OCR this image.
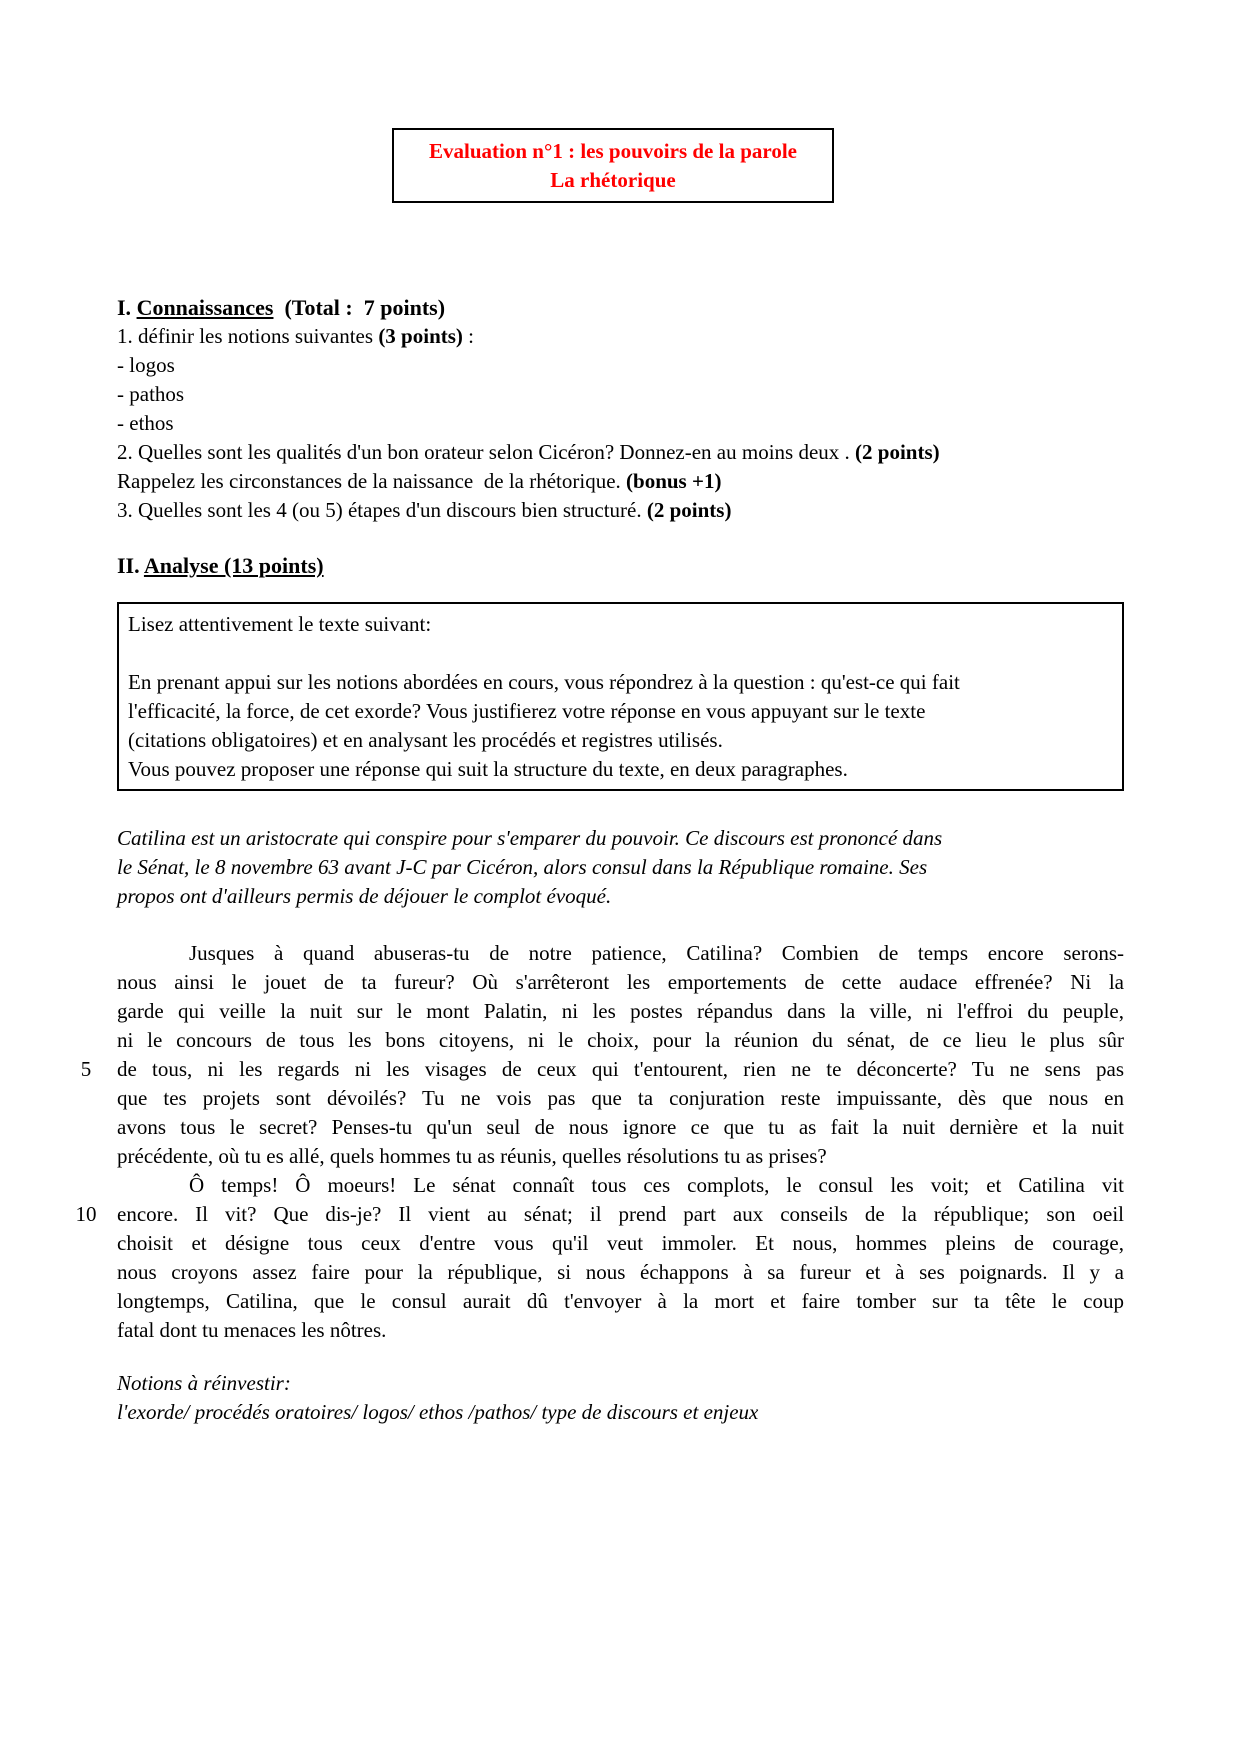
Evaluation n°1 : les pouvoirs de la parole
La rhétorique
I. Connaissances  (Total :  7 points)
1. définir les notions suivantes (3 points) :
- logos
- pathos
- ethos
2. Quelles sont les qualités d'un bon orateur selon Cicéron? Donnez-en au moins deux . (2 points)
Rappelez les circonstances de la naissance  de la rhétorique. (bonus +1)
3. Quelles sont les 4 (ou 5) étapes d'un discours bien structuré. (2 points)
II. Analyse (13 points)
Lisez attentivement le texte suivant:
En prenant appui sur les notions abordées en cours, vous répondrez à la question : qu'est-ce qui fait
l'efficacité, la force, de cet exorde? Vous justifierez votre réponse en vous appuyant sur le texte
(citations obligatoires) et en analysant les procédés et registres utilisés.
Vous pouvez proposer une réponse qui suit la structure du texte, en deux paragraphes.
Catilina est un aristocrate qui conspire pour s'emparer du pouvoir. Ce discours est prononcé dans
le Sénat, le 8 novembre 63 avant J-C par Cicéron, alors consul dans la République romaine. Ses
propos ont d'ailleurs permis de déjouer le complot évoqué.
Jusques à quand abuseras-tu de notre patience, Catilina? Combien de temps encore serons-
nous ainsi le jouet de ta fureur? Où s'arrêteront les emportements de cette audace effrenée? Ni la
garde qui veille la nuit sur le mont Palatin, ni les postes répandus dans la ville, ni l'effroi du peuple,
ni le concours de tous les bons citoyens, ni le choix, pour la réunion du sénat, de ce lieu le plus sûr
5	de tous, ni les regards ni les visages de ceux qui t'entourent, rien ne te déconcerte? Tu ne sens pas
que tes projets sont dévoilés? Tu ne vois pas que ta conjuration reste impuissante, dès que nous en
avons tous le secret? Penses-tu qu'un seul de nous ignore ce que tu as fait la nuit dernière et la nuit
précédente, où tu es allé, quels hommes tu as réunis, quelles résolutions tu as prises?
Ô temps! Ô moeurs! Le sénat connaît tous ces complots, le consul les voit; et Catilina vit
10 encore. Il vit? Que dis-je? Il vient au sénat; il prend part aux conseils de la république; son oeil
choisit et désigne tous ceux d'entre vous qu'il veut immoler. Et nous, hommes pleins de courage,
nous croyons assez faire pour la république, si nous échappons à sa fureur et à ses poignards. Il y a
longtemps, Catilina, que le consul aurait dû t'envoyer à la mort et faire tomber sur ta tête le coup
fatal dont tu menaces les nôtres.
Notions à réinvestir:
l'exorde/ procédés oratoires/ logos/ ethos /pathos/ type de discours et enjeux
